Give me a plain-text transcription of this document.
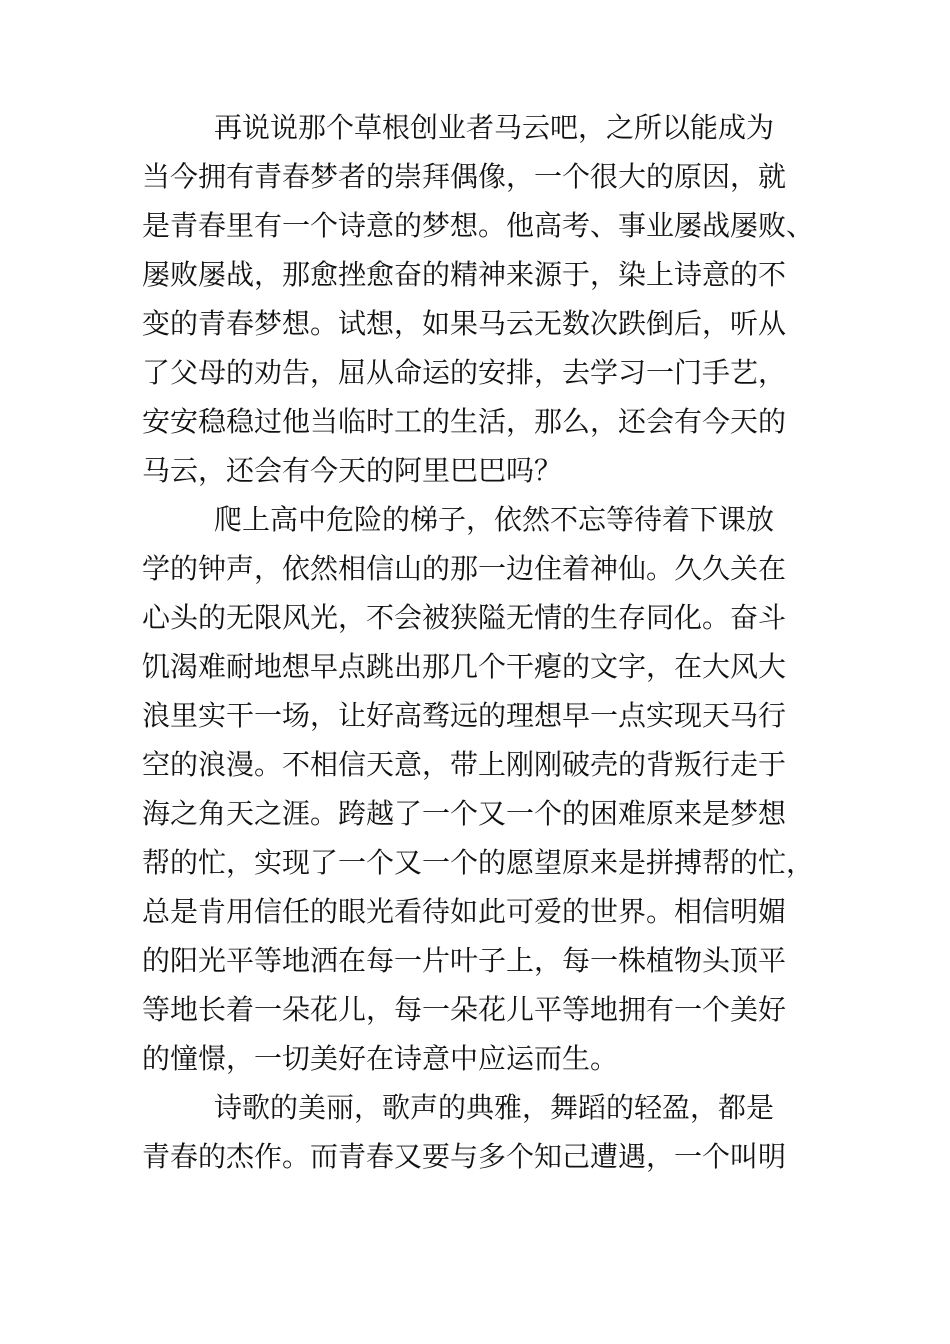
再说说那个草根创业者马云吧，之所以能成为
当今拥有青春梦者的崇拜偶像，一个很大的原因，就
是青春里有一个诗意的梦想。他高考、事业屡战屡败、
屡败屡战，那愈挫愈奋的精神来源于，染上诗意的不
变的青春梦想。试想，如果马云无数次跌倒后，听从
了父母的劝告，屈从命运的安排，去学习一门手艺，
安安稳稳过他当临时工的生活，那么，还会有今天的
马云，还会有今天的阿里巴巴吗？

爬上高中危险的梯子，依然不忘等待着下课放
学的钟声，依然相信山的那一边住着神仙。久久关在
心头的无限风光，不会被狭隘无情的生存同化。奋斗
饥渴难耐地想早点跳出那几个干瘪的文字，在大风大
浪里实干一场，让好高骛远的理想早一点实现天马行
空的浪漫。不相信天意，带上刚刚破壳的背叛行走于
海之角天之涯。跨越了一个又一个的困难原来是梦想
帮的忙，实现了一个又一个的愿望原来是拼搏帮的忙，
总是肯用信任的眼光看待如此可爱的世界。相信明媚
的阳光平等地洒在每一片叶子上，每一株植物头顶平
等地长着一朵花儿，每一朵花儿平等地拥有一个美好
的憧憬，一切美好在诗意中应运而生。

诗歌的美丽，歌声的典雅，舞蹈的轻盈，都是
青春的杰作。而青春又要与多个知己遭遇，一个叫明
